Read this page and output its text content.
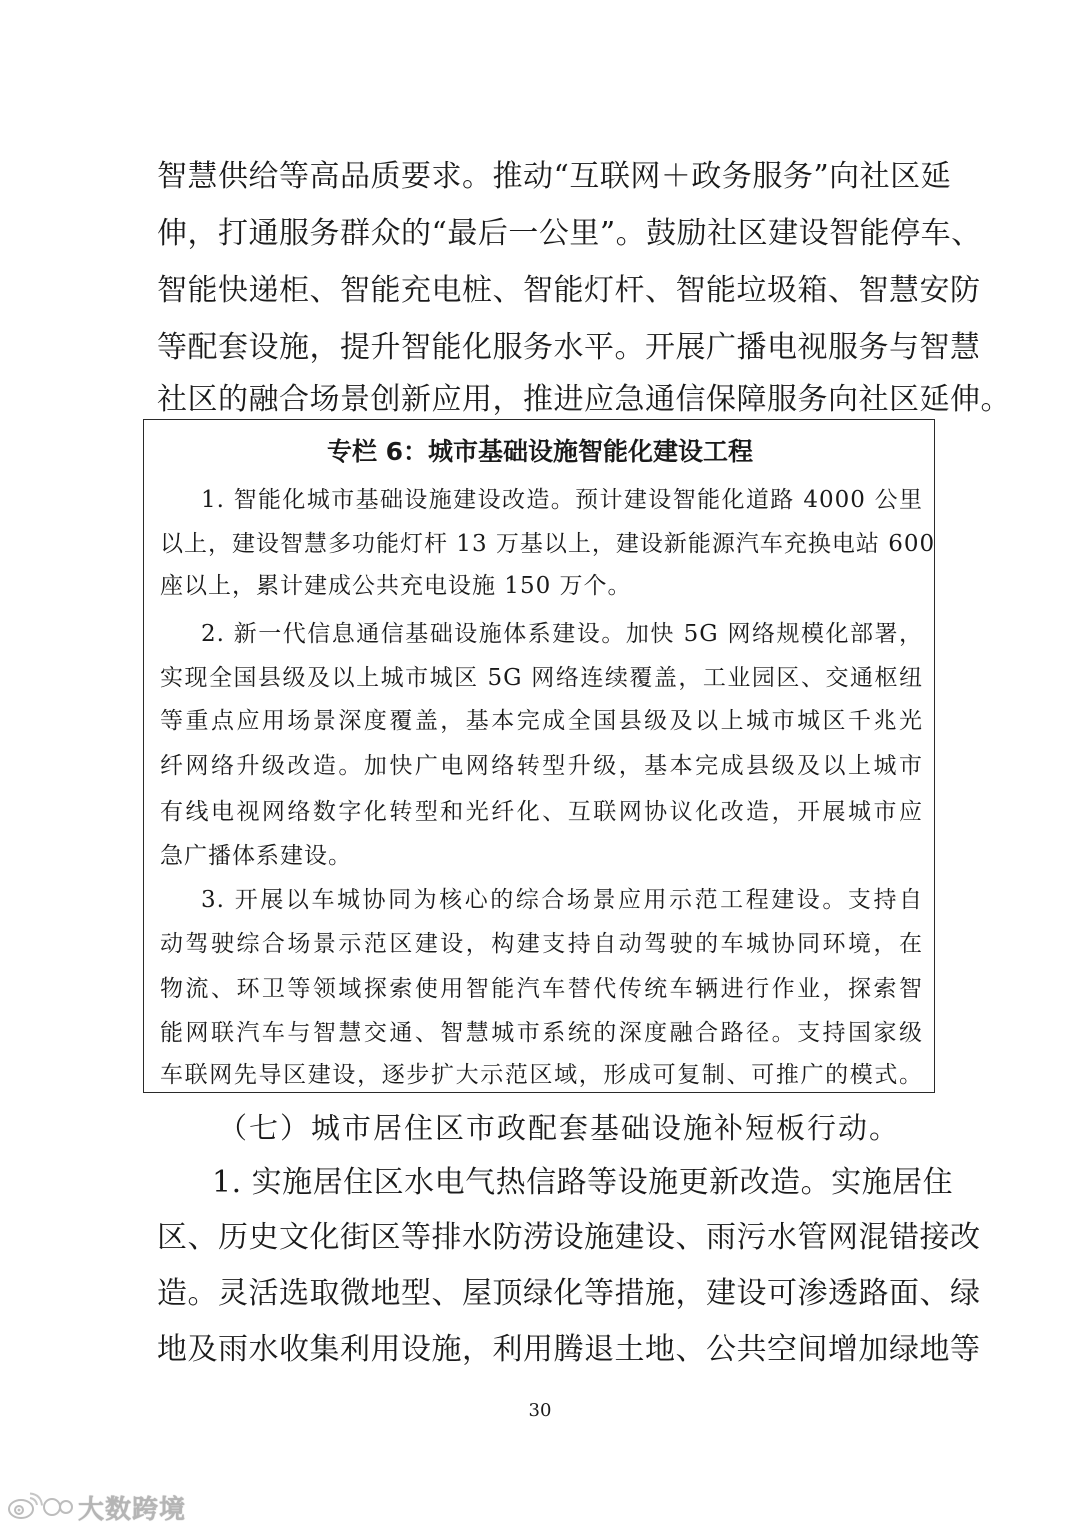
智慧供给等高品质要求。推动“互联网＋政务服务”向社区延
伸，打通服务群众的“最后一公里”。鼓励社区建设智能停车、
智能快递柜、智能充电桩、智能灯杆、智能垃圾箱、智慧安防
等配套设施，提升智能化服务水平。开展广播电视服务与智慧
社区的融合场景创新应用，推进应急通信保障服务向社区延伸。
专栏 6：城市基础设施智能化建设工程
1. 智能化城市基础设施建设改造。预计建设智能化道路 4000 公里
以上，建设智慧多功能灯杆 13 万基以上，建设新能源汽车充换电站 600
座以上，累计建成公共充电设施 150 万个。
2. 新一代信息通信基础设施体系建设。加快 5G 网络规模化部署，
实现全国县级及以上城市城区 5G 网络连续覆盖，工业园区、交通枢纽
等重点应用场景深度覆盖，基本完成全国县级及以上城市城区千兆光
纤网络升级改造。加快广电网络转型升级，基本完成县级及以上城市
有线电视网络数字化转型和光纤化、互联网协议化改造，开展城市应
急广播体系建设。
3. 开展以车城协同为核心的综合场景应用示范工程建设。支持自
动驾驶综合场景示范区建设，构建支持自动驾驶的车城协同环境，在
物流、环卫等领域探索使用智能汽车替代传统车辆进行作业，探索智
能网联汽车与智慧交通、智慧城市系统的深度融合路径。支持国家级
车联网先导区建设，逐步扩大示范区域，形成可复制、可推广的模式。
（七）城市居住区市政配套基础设施补短板行动。
1. 实施居住区水电气热信路等设施更新改造。实施居住
区、历史文化街区等排水防涝设施建设、雨污水管网混错接改
造。灵活选取微地型、屋顶绿化等措施，建设可渗透路面、绿
地及雨水收集利用设施，利用腾退土地、公共空间增加绿地等
30
大数跨境
